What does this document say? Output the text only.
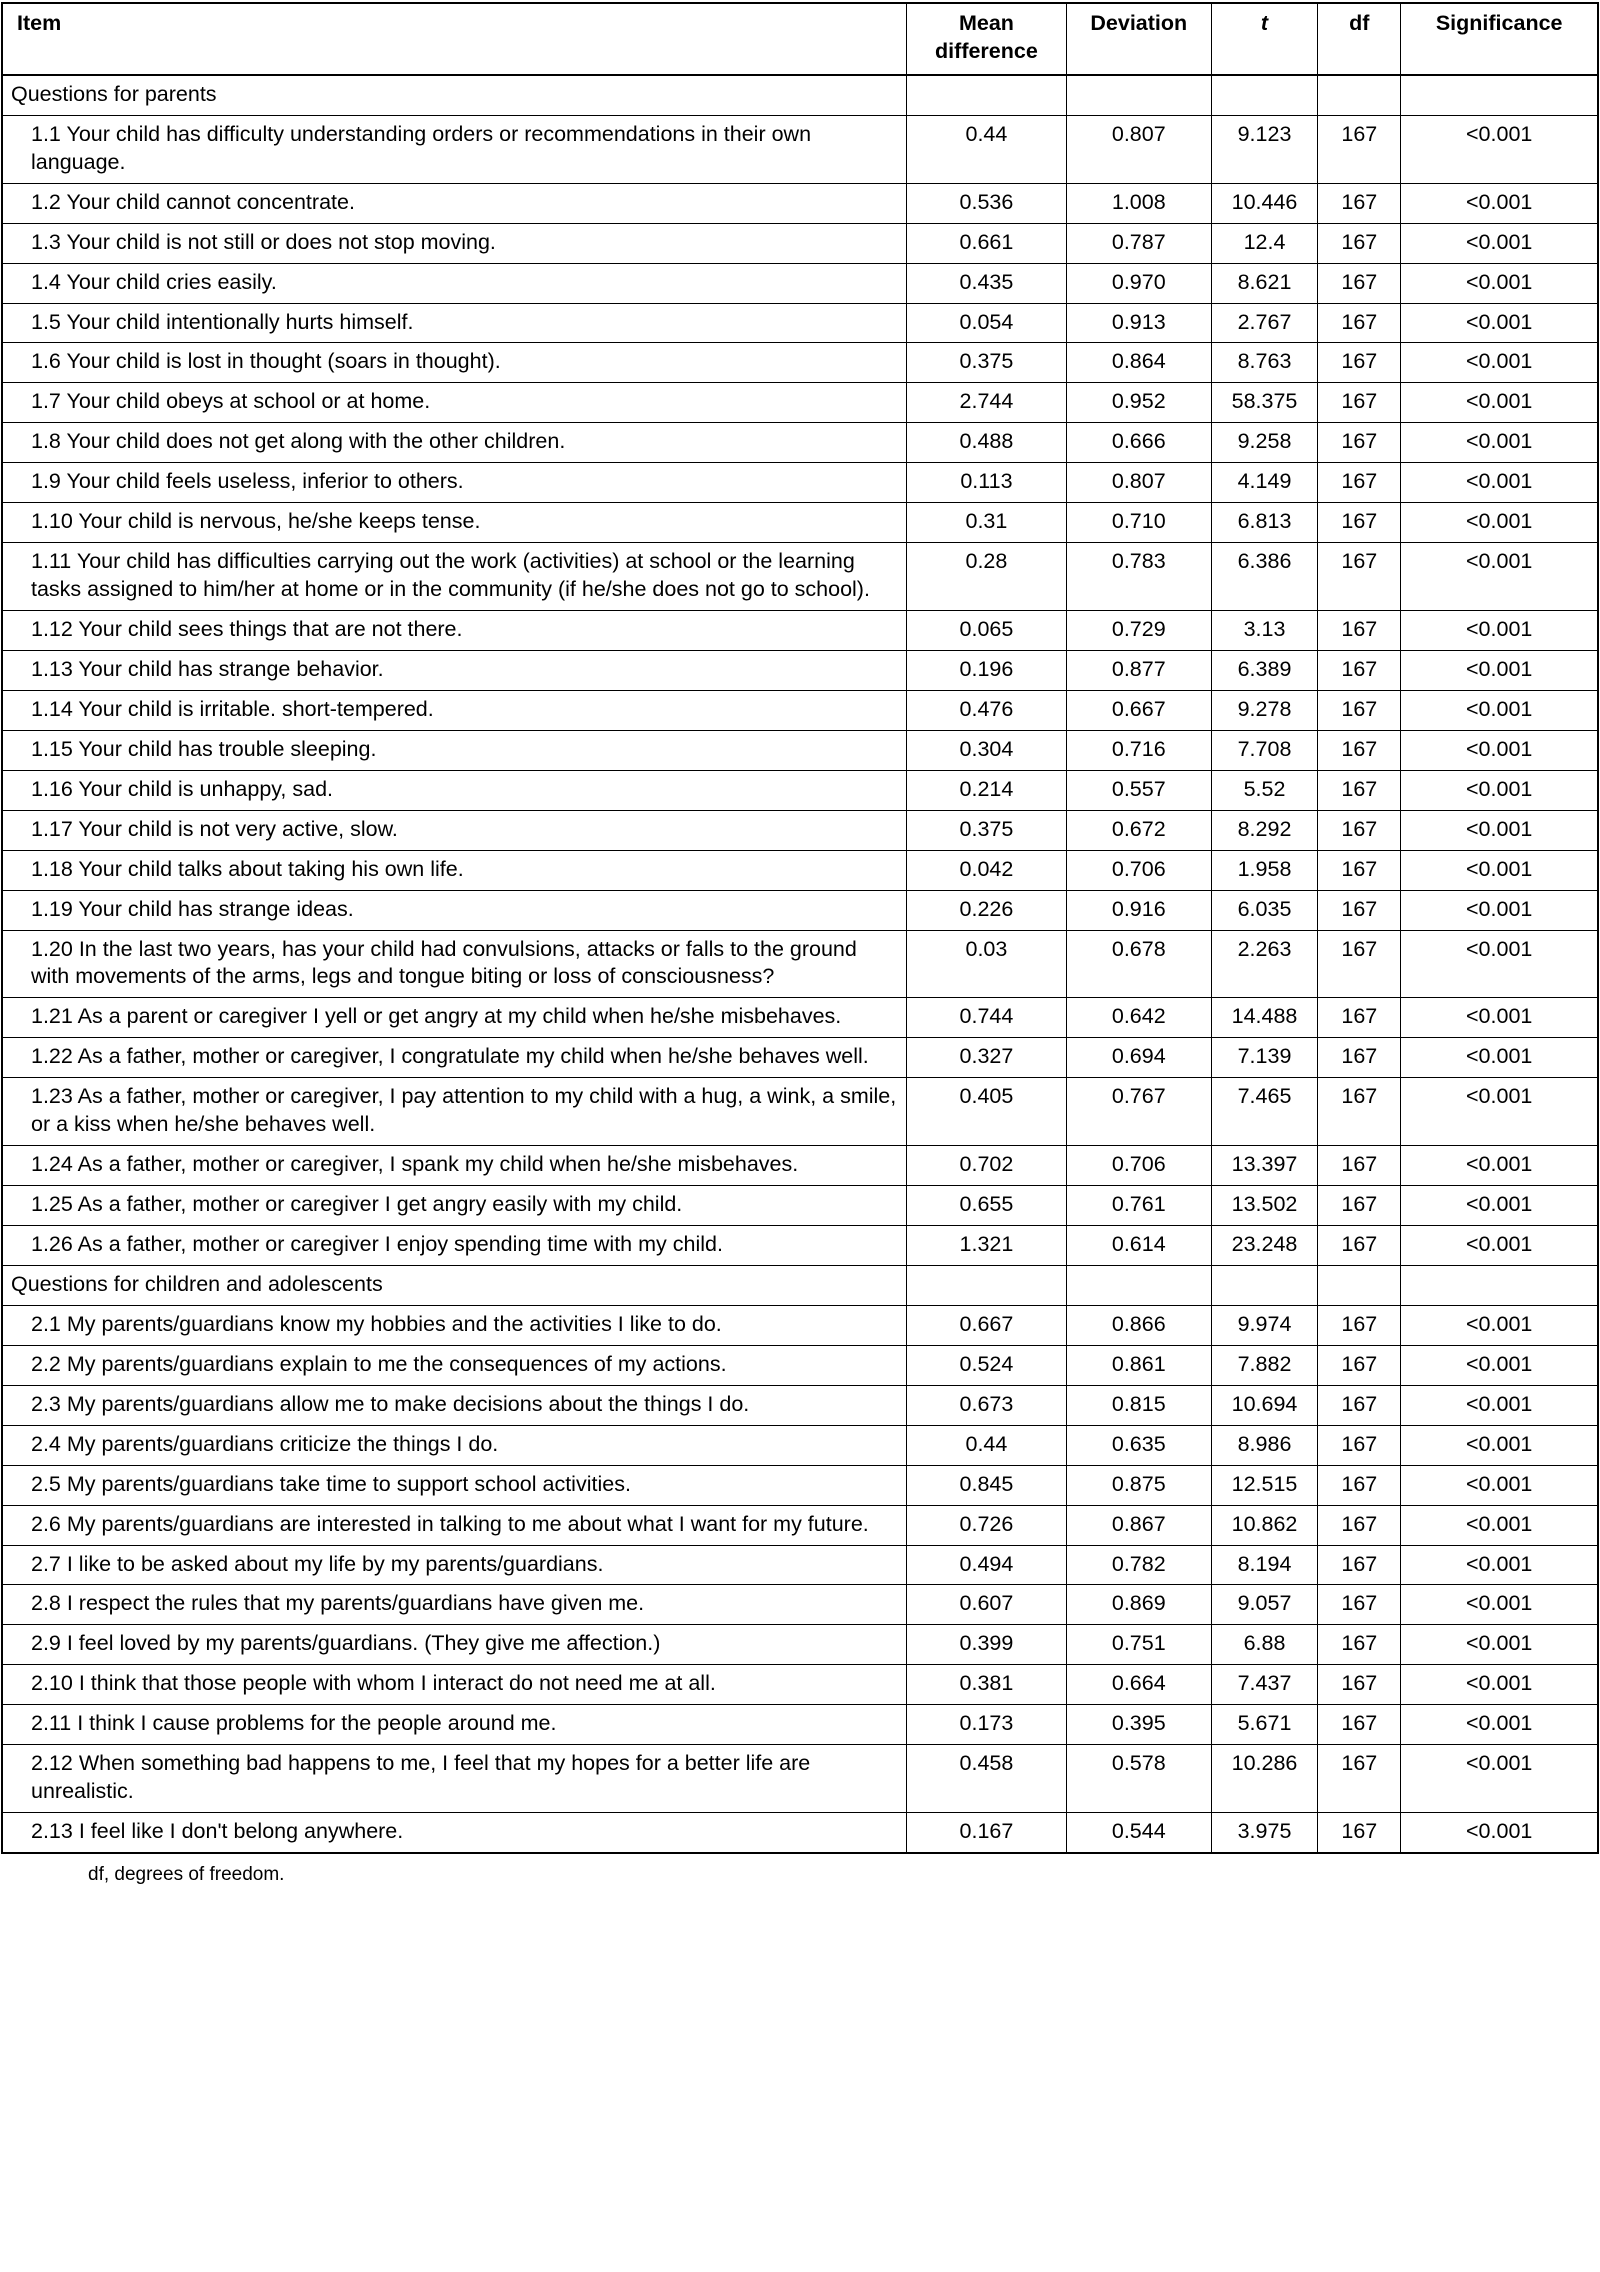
Item	Mean difference	Deviation	t	df	Significance
Questions for parents					
1.1 Your child has difficulty understanding orders or recommendations in their own language.	0.44	0.807	9.123	167	<0.001
1.2 Your child cannot concentrate.	0.536	1.008	10.446	167	<0.001
1.3 Your child is not still or does not stop moving.	0.661	0.787	12.4	167	<0.001
1.4 Your child cries easily.	0.435	0.970	8.621	167	<0.001
1.5 Your child intentionally hurts himself.	0.054	0.913	2.767	167	<0.001
1.6 Your child is lost in thought (soars in thought).	0.375	0.864	8.763	167	<0.001
1.7 Your child obeys at school or at home.	2.744	0.952	58.375	167	<0.001
1.8 Your child does not get along with the other children.	0.488	0.666	9.258	167	<0.001
1.9 Your child feels useless, inferior to others.	0.113	0.807	4.149	167	<0.001
1.10 Your child is nervous, he/she keeps tense.	0.31	0.710	6.813	167	<0.001
1.11 Your child has difficulties carrying out the work (activities) at school or the learning tasks assigned to him/her at home or in the community (if he/she does not go to school).	0.28	0.783	6.386	167	<0.001
1.12 Your child sees things that are not there.	0.065	0.729	3.13	167	<0.001
1.13 Your child has strange behavior.	0.196	0.877	6.389	167	<0.001
1.14 Your child is irritable. short-tempered.	0.476	0.667	9.278	167	<0.001
1.15 Your child has trouble sleeping.	0.304	0.716	7.708	167	<0.001
1.16 Your child is unhappy, sad.	0.214	0.557	5.52	167	<0.001
1.17 Your child is not very active, slow.	0.375	0.672	8.292	167	<0.001
1.18 Your child talks about taking his own life.	0.042	0.706	1.958	167	<0.001
1.19 Your child has strange ideas.	0.226	0.916	6.035	167	<0.001
1.20 In the last two years, has your child had convulsions, attacks or falls to the ground with movements of the arms, legs and tongue biting or loss of consciousness?	0.03	0.678	2.263	167	<0.001
1.21 As a parent or caregiver I yell or get angry at my child when he/she misbehaves.	0.744	0.642	14.488	167	<0.001
1.22 As a father, mother or caregiver, I congratulate my child when he/she behaves well.	0.327	0.694	7.139	167	<0.001
1.23 As a father, mother or caregiver, I pay attention to my child with a hug, a wink, a smile, or a kiss when he/she behaves well.	0.405	0.767	7.465	167	<0.001
1.24 As a father, mother or caregiver, I spank my child when he/she misbehaves.	0.702	0.706	13.397	167	<0.001
1.25 As a father, mother or caregiver I get angry easily with my child.	0.655	0.761	13.502	167	<0.001
1.26 As a father, mother or caregiver I enjoy spending time with my child.	1.321	0.614	23.248	167	<0.001
Questions for children and adolescents					
2.1 My parents/guardians know my hobbies and the activities I like to do.	0.667	0.866	9.974	167	<0.001
2.2 My parents/guardians explain to me the consequences of my actions.	0.524	0.861	7.882	167	<0.001
2.3 My parents/guardians allow me to make decisions about the things I do.	0.673	0.815	10.694	167	<0.001
2.4 My parents/guardians criticize the things I do.	0.44	0.635	8.986	167	<0.001
2.5 My parents/guardians take time to support school activities.	0.845	0.875	12.515	167	<0.001
2.6 My parents/guardians are interested in talking to me about what I want for my future.	0.726	0.867	10.862	167	<0.001
2.7 I like to be asked about my life by my parents/guardians.	0.494	0.782	8.194	167	<0.001
2.8 I respect the rules that my parents/guardians have given me.	0.607	0.869	9.057	167	<0.001
2.9 I feel loved by my parents/guardians. (They give me affection.)	0.399	0.751	6.88	167	<0.001
2.10 I think that those people with whom I interact do not need me at all.	0.381	0.664	7.437	167	<0.001
2.11 I think I cause problems for the people around me.	0.173	0.395	5.671	167	<0.001
2.12 When something bad happens to me, I feel that my hopes for a better life are unrealistic.	0.458	0.578	10.286	167	<0.001
2.13 I feel like I don't belong anywhere.	0.167	0.544	3.975	167	<0.001
df, degrees of freedom.
